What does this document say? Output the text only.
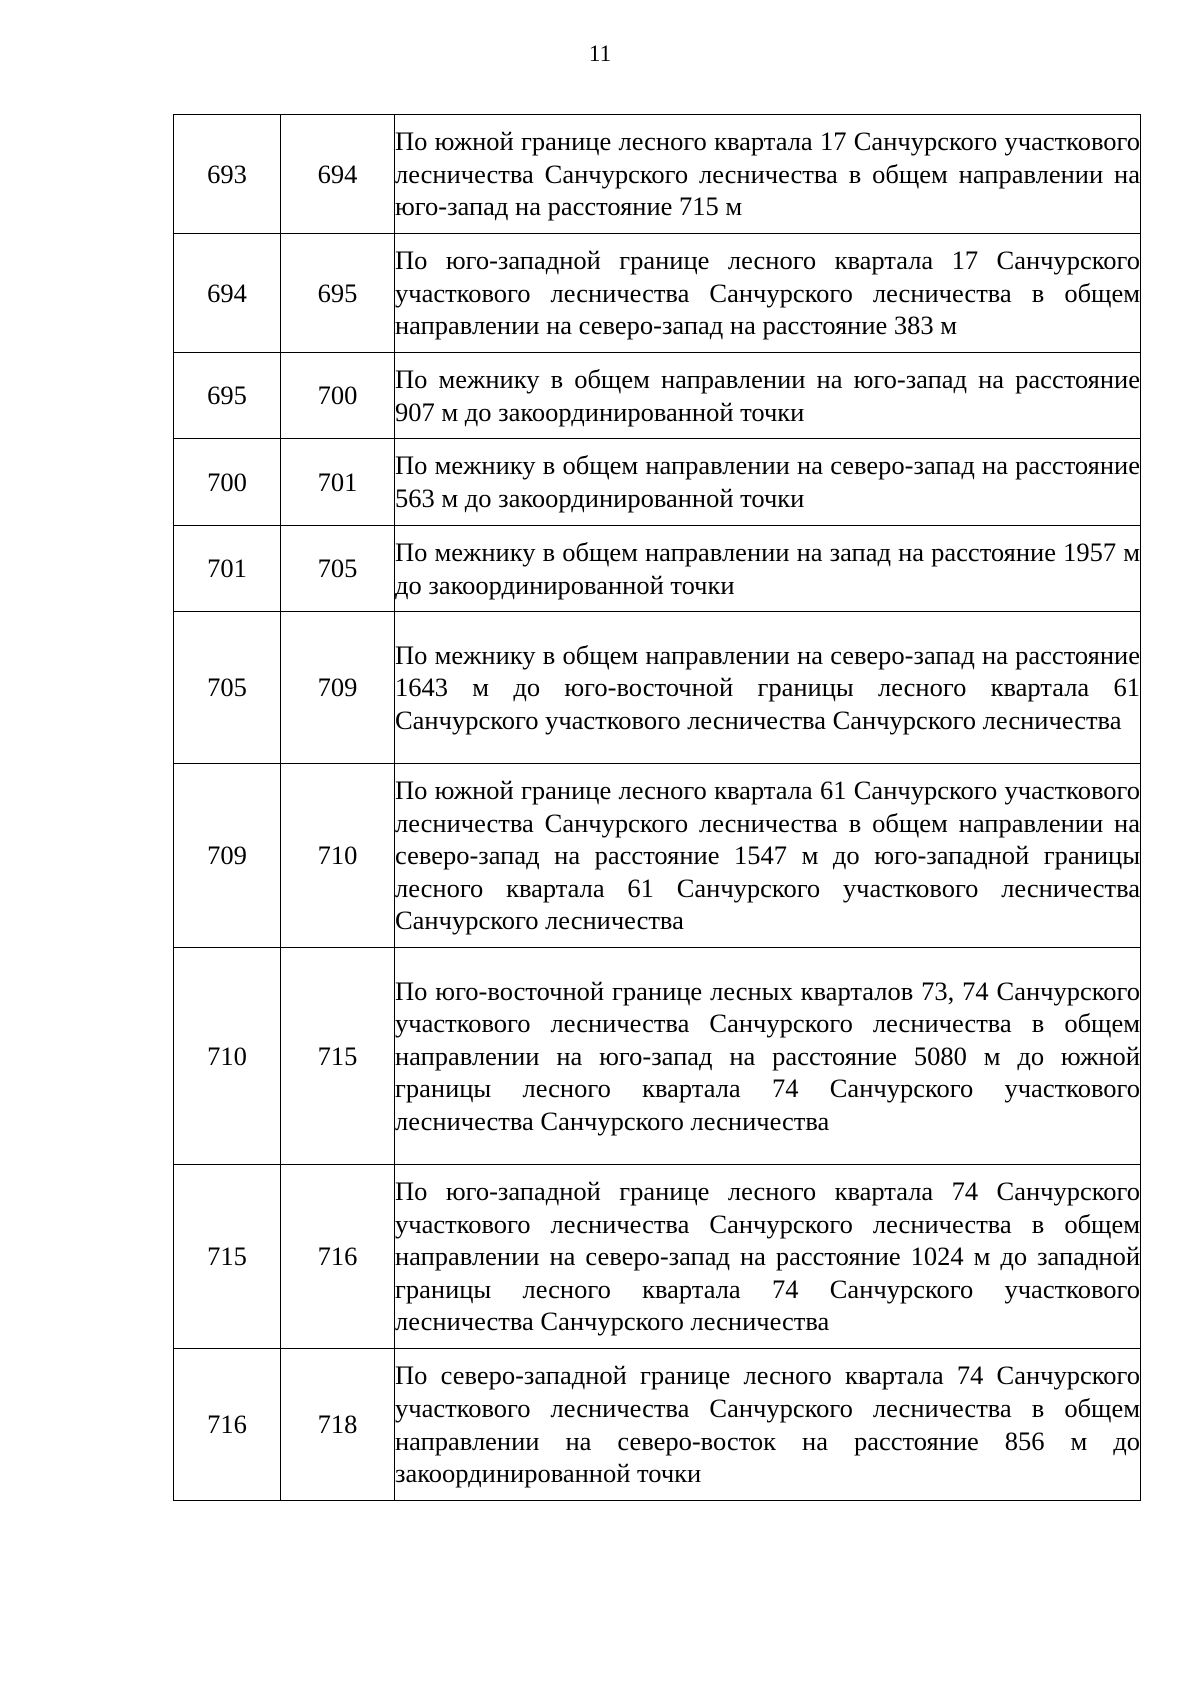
11
693	694	По южной границе лесного квартала 17 Санчурского участкового лесничества Санчурского лесничества в общем направлении на юго-запад на расстояние 715 м
694	695	По юго-западной границе лесного квартала 17 Санчурского участкового лесничества Санчурского лесничества в общем направлении на северо-запад на расстояние 383 м
695	700	По межнику в общем направлении на юго-запад на расстояние 907 м до закоординированной точки
700	701	По межнику в общем направлении на северо-запад на расстояние 563 м до закоординированной точки
701	705	По межнику в общем направлении на запад на расстояние 1957 м до закоординированной точки
705	709	По межнику в общем направлении на северо-запад на расстояние 1643 м до юго-восточной границы лесного квартала 61 Санчурского участкового лесничества Санчурского лесничества
709	710	По южной границе лесного квартала 61 Санчурского участкового лесничества Санчурского лесничества в общем направлении на северо-запад на расстояние 1547 м до юго-западной границы лесного квартала 61 Санчурского участкового лесничества Санчурского лесничества
710	715	По юго-восточной границе лесных кварталов 73, 74 Санчурского участкового лесничества Санчурского лесничества в общем направлении на юго-запад на расстояние 5080 м до южной границы лесного квартала 74 Санчурского участкового лесничества Санчурского лесничества
715	716	По юго-западной границе лесного квартала 74 Санчурского участкового лесничества Санчурского лесничества в общем направлении на северо-запад на расстояние 1024 м до западной границы лесного квартала 74 Санчурского участкового лесничества Санчурского лесничества
716	718	По северо-западной границе лесного квартала 74 Санчурского участкового лесничества Санчурского лесничества в общем направлении на северо-восток на расстояние 856 м до закоординированной точки
